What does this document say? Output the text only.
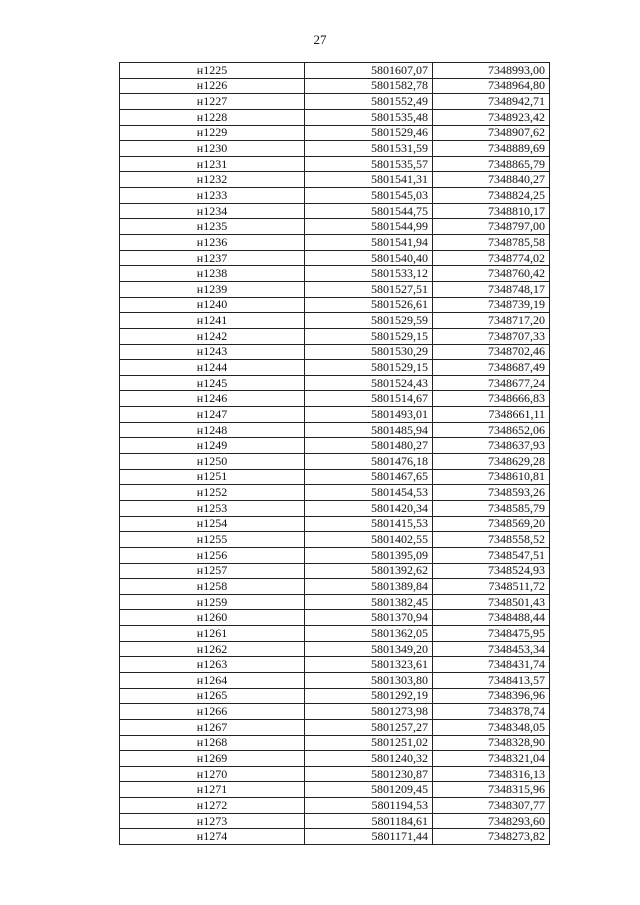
27
н1225	5801607,07	7348993,00
н1226	5801582,78	7348964,80
н1227	5801552,49	7348942,71
н1228	5801535,48	7348923,42
н1229	5801529,46	7348907,62
н1230	5801531,59	7348889,69
н1231	5801535,57	7348865,79
н1232	5801541,31	7348840,27
н1233	5801545,03	7348824,25
н1234	5801544,75	7348810,17
н1235	5801544,99	7348797,00
н1236	5801541,94	7348785,58
н1237	5801540,40	7348774,02
н1238	5801533,12	7348760,42
н1239	5801527,51	7348748,17
н1240	5801526,61	7348739,19
н1241	5801529,59	7348717,20
н1242	5801529,15	7348707,33
н1243	5801530,29	7348702,46
н1244	5801529,15	7348687,49
н1245	5801524,43	7348677,24
н1246	5801514,67	7348666,83
н1247	5801493,01	7348661,11
н1248	5801485,94	7348652,06
н1249	5801480,27	7348637,93
н1250	5801476,18	7348629,28
н1251	5801467,65	7348610,81
н1252	5801454,53	7348593,26
н1253	5801420,34	7348585,79
н1254	5801415,53	7348569,20
н1255	5801402,55	7348558,52
н1256	5801395,09	7348547,51
н1257	5801392,62	7348524,93
н1258	5801389,84	7348511,72
н1259	5801382,45	7348501,43
н1260	5801370,94	7348488,44
н1261	5801362,05	7348475,95
н1262	5801349,20	7348453,34
н1263	5801323,61	7348431,74
н1264	5801303,80	7348413,57
н1265	5801292,19	7348396,96
н1266	5801273,98	7348378,74
н1267	5801257,27	7348348,05
н1268	5801251,02	7348328,90
н1269	5801240,32	7348321,04
н1270	5801230,87	7348316,13
н1271	5801209,45	7348315,96
н1272	5801194,53	7348307,77
н1273	5801184,61	7348293,60
н1274	5801171,44	7348273,82
